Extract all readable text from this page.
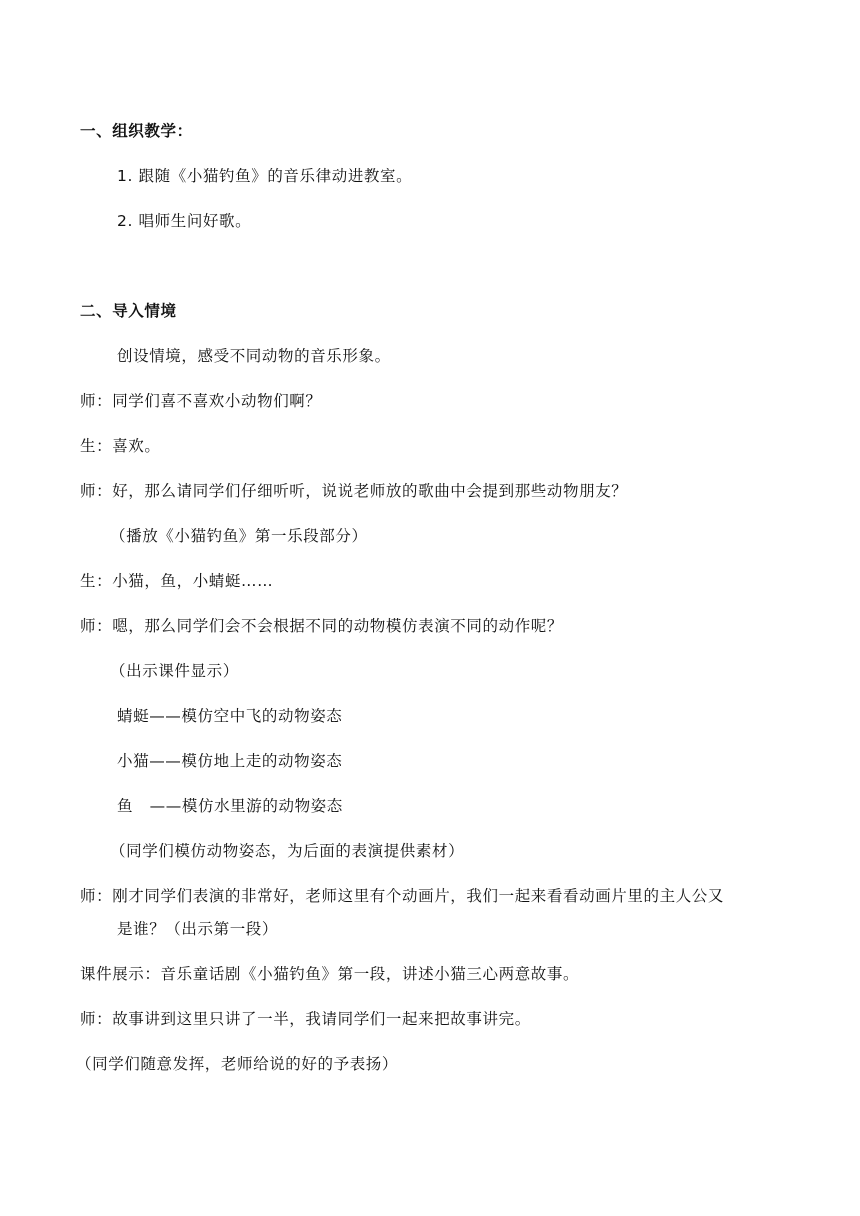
一、组织教学：
1. 跟随《小猫钓鱼》的音乐律动进教室。
2. 唱师生问好歌。
二、导入情境
创设情境，感受不同动物的音乐形象。
师：同学们喜不喜欢小动物们啊？
生：喜欢。
师：好，那么请同学们仔细听听，说说老师放的歌曲中会提到那些动物朋友？
（播放《小猫钓鱼》第一乐段部分）
生：小猫，鱼，小蜻蜓……
师：嗯，那么同学们会不会根据不同的动物模仿表演不同的动作呢？
（出示课件显示）
蜻蜓——模仿空中飞的动物姿态
小猫——模仿地上走的动物姿态
鱼   ——模仿水里游的动物姿态
（同学们模仿动物姿态，为后面的表演提供素材）
师：刚才同学们表演的非常好，老师这里有个动画片，我们一起来看看动画片里的主人公又
是谁？（出示第一段）
课件展示：音乐童话剧《小猫钓鱼》第一段，讲述小猫三心两意故事。
师：故事讲到这里只讲了一半，我请同学们一起来把故事讲完。
（同学们随意发挥，老师给说的好的予表扬）
